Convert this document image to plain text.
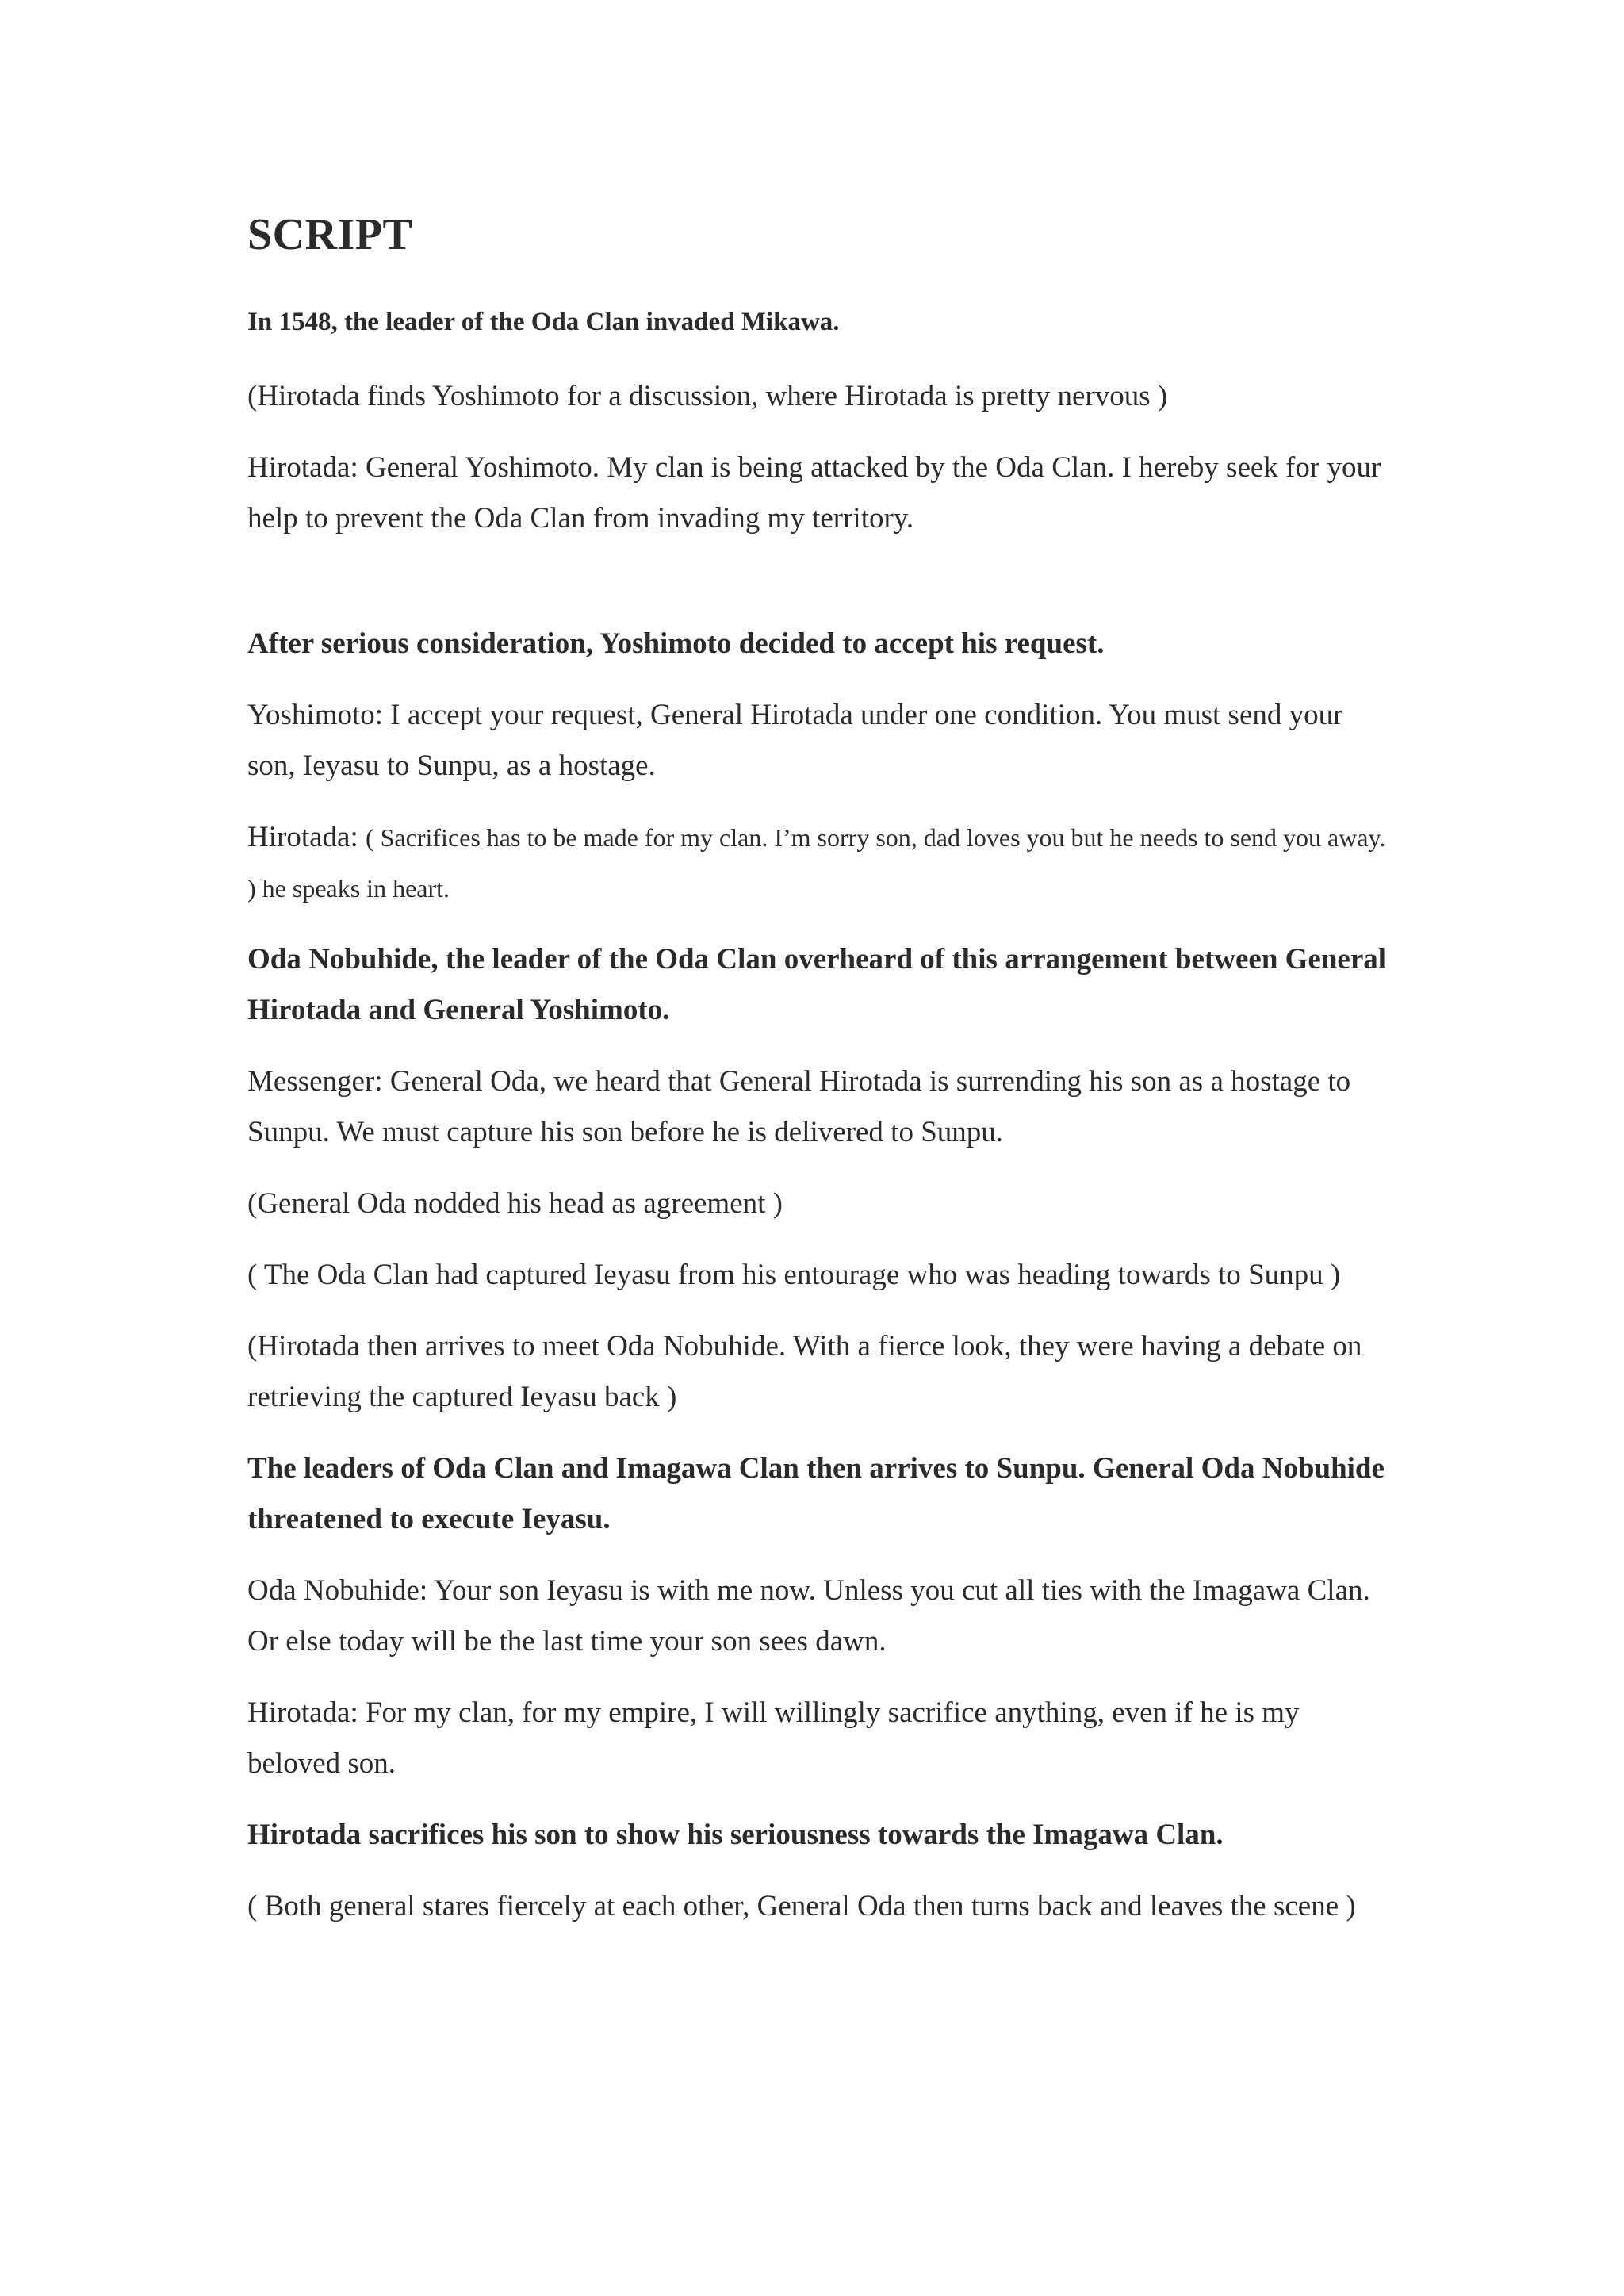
SCRIPT

In 1548, the leader of the Oda Clan invaded Mikawa.

(Hirotada finds Yoshimoto for a discussion, where Hirotada is pretty nervous )

Hirotada: General Yoshimoto. My clan is being attacked by the Oda Clan. I hereby seek for your help to prevent the Oda Clan from invading my territory.

After serious consideration, Yoshimoto decided to accept his request.

Yoshimoto: I accept your request, General Hirotada under one condition. You must send your son, Ieyasu to Sunpu, as a hostage.

Hirotada: ( Sacrifices has to be made for my clan. I’m sorry son, dad loves you but he needs to send you away. ) he speaks in heart.

Oda Nobuhide, the leader of the Oda Clan overheard of this arrangement between General Hirotada and General Yoshimoto.

Messenger: General Oda, we heard that General Hirotada is surrending his son as a hostage to Sunpu. We must capture his son before he is delivered to Sunpu.

(General Oda nodded his head as agreement )

( The Oda Clan had captured Ieyasu from his entourage who was heading towards to Sunpu )

(Hirotada then arrives to meet Oda Nobuhide. With a fierce look, they were having a debate on retrieving the captured Ieyasu back )

The leaders of Oda Clan and Imagawa Clan then arrives to Sunpu. General Oda Nobuhide threatened to execute Ieyasu.

Oda Nobuhide: Your son Ieyasu is with me now. Unless you cut all ties with the Imagawa Clan. Or else today will be the last time your son sees dawn.

Hirotada: For my clan, for my empire, I will willingly sacrifice anything, even if he is my beloved son.

Hirotada sacrifices his son to show his seriousness towards the Imagawa Clan.

( Both general stares fiercely at each other, General Oda then turns back and leaves the scene )
